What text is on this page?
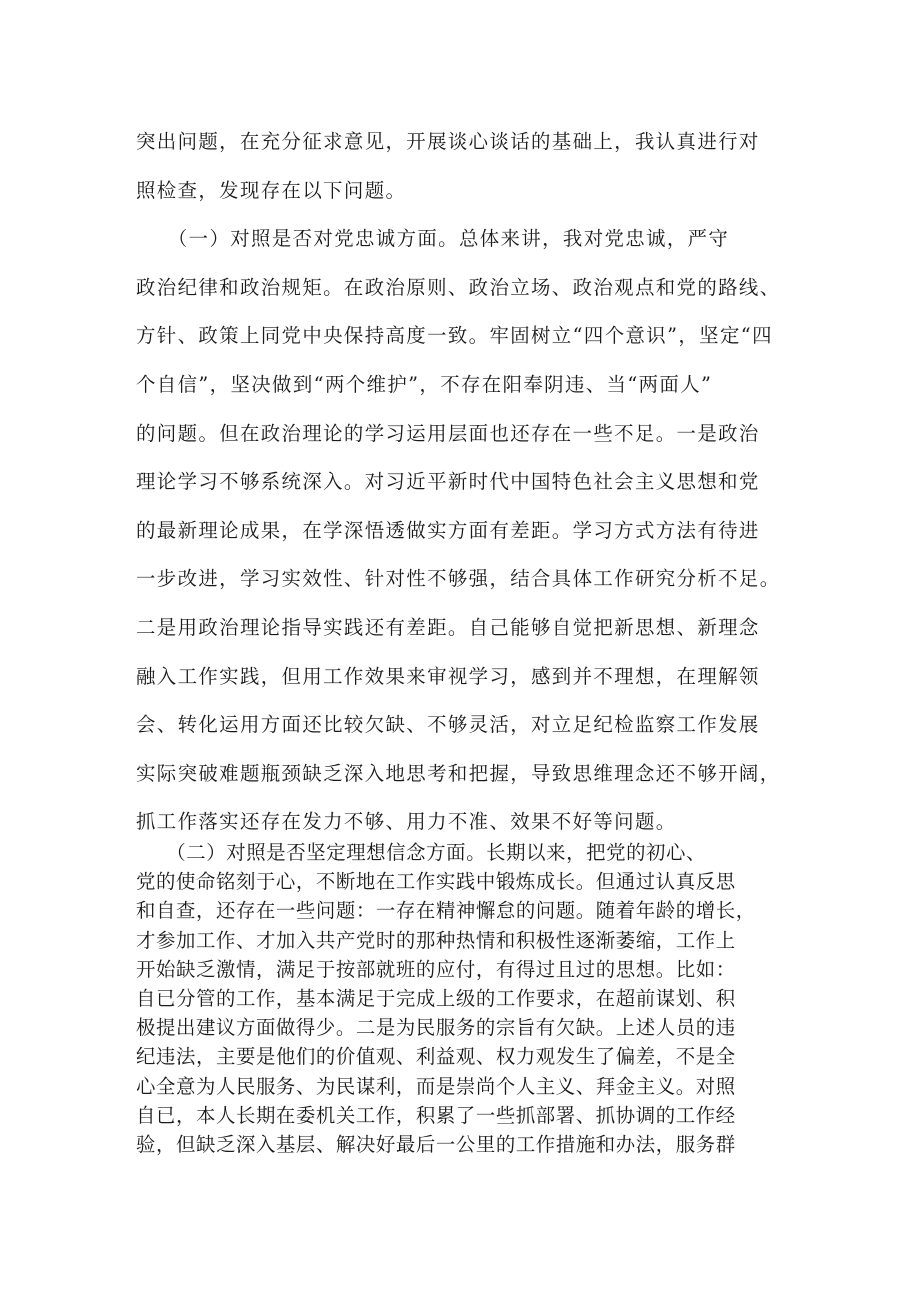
突出问题，在充分征求意见，开展谈心谈话的基础上，我认真进行对
照检查，发现存在以下问题。
　　（一）对照是否对党忠诚方面。总体来讲，我对党忠诚，严守
政治纪律和政治规矩。在政治原则、政治立场、政治观点和党的路线、
方针、政策上同党中央保持高度一致。牢固树立“四个意识”，坚定“四
个自信”，坚决做到“两个维护”，不存在阳奉阴违、当“两面人”
的问题。但在政治理论的学习运用层面也还存在一些不足。一是政治
理论学习不够系统深入。对习近平新时代中国特色社会主义思想和党
的最新理论成果，在学深悟透做实方面有差距。学习方式方法有待进
一步改进，学习实效性、针对性不够强，结合具体工作研究分析不足。
二是用政治理论指导实践还有差距。自己能够自觉把新思想、新理念
融入工作实践，但用工作效果来审视学习，感到并不理想，在理解领
会、转化运用方面还比较欠缺、不够灵活，对立足纪检监察工作发展
实际突破难题瓶颈缺乏深入地思考和把握，导致思维理念还不够开阔，
抓工作落实还存在发力不够、用力不准、效果不好等问题。
　　（二）对照是否坚定理想信念方面。长期以来，把党的初心、
党的使命铭刻于心，不断地在工作实践中锻炼成长。但通过认真反思
和自查，还存在一些问题：一存在精神懈怠的问题。随着年龄的增长，
才参加工作、才加入共产党时的那种热情和积极性逐渐萎缩，工作上
开始缺乏激情，满足于按部就班的应付，有得过且过的思想。比如：
自已分管的工作，基本满足于完成上级的工作要求，在超前谋划、积
极提出建议方面做得少。二是为民服务的宗旨有欠缺。上述人员的违
纪违法，主要是他们的价值观、利益观、权力观发生了偏差，不是全
心全意为人民服务、为民谋利，而是崇尚个人主义、拜金主义。对照
自已，本人长期在委机关工作，积累了一些抓部署、抓协调的工作经
验，但缺乏深入基层、解决好最后一公里的工作措施和办法，服务群
